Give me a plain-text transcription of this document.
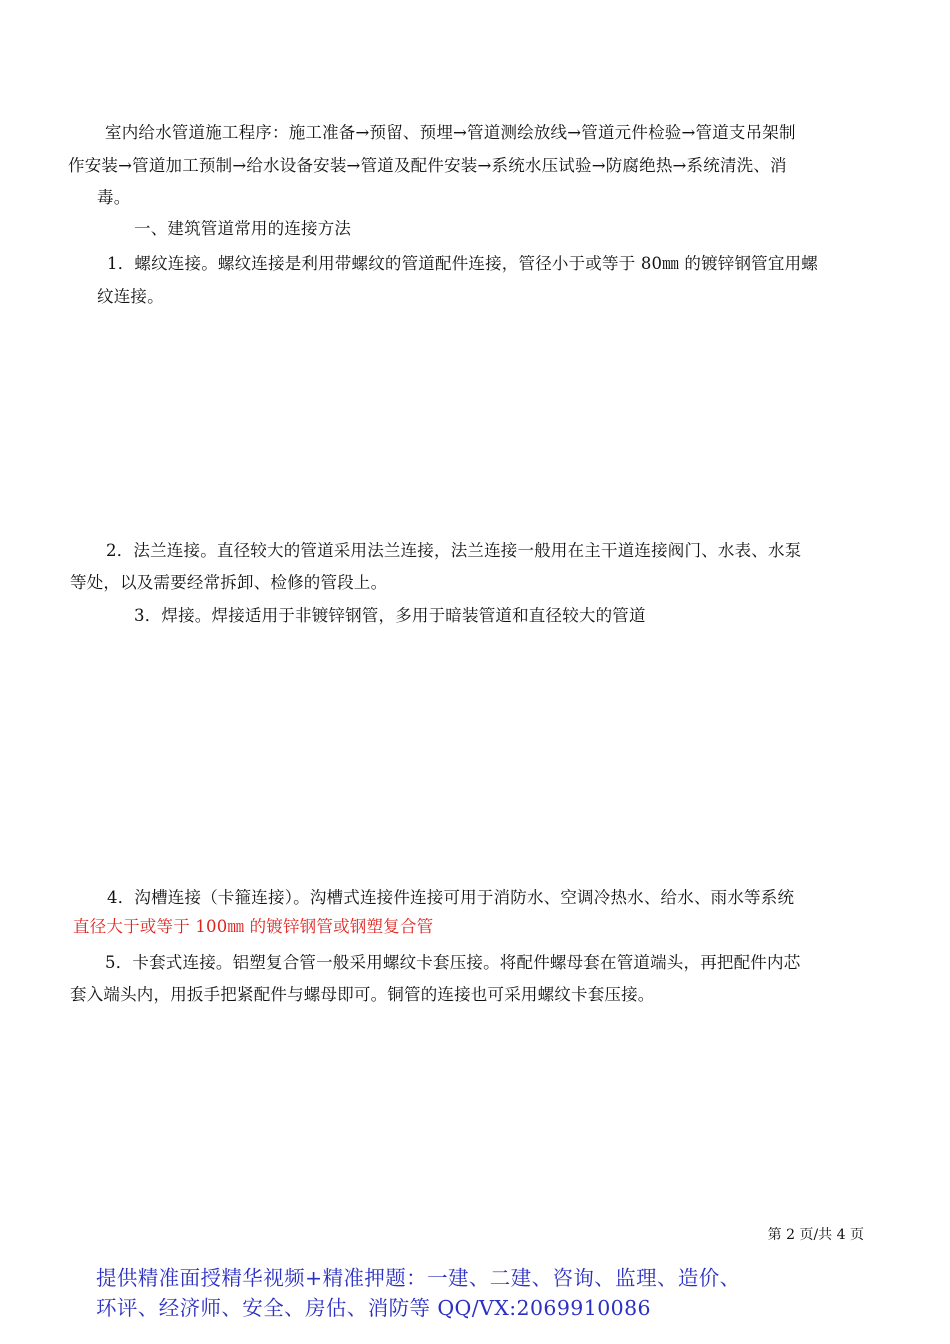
室内给水管道施工程序：施工准备→预留、预埋→管道测绘放线→管道元件检验→管道支吊架制
作安装→管道加工预制→给水设备安装→管道及配件安装→系统水压试验→防腐绝热→系统清洗、消
毒。
一、建筑管道常用的连接方法
1．螺纹连接。螺纹连接是利用带螺纹的管道配件连接，管径小于或等于 80㎜ 的镀锌钢管宜用螺
纹连接。
2．法兰连接。直径较大的管道采用法兰连接，法兰连接一般用在主干道连接阀门、水表、水泵
等处，以及需要经常拆卸、检修的管段上。
3．焊接。焊接适用于非镀锌钢管，多用于暗装管道和直径较大的管道
4．沟槽连接（卡箍连接）。沟槽式连接件连接可用于消防水、空调冷热水、给水、雨水等系统
直径大于或等于 100㎜ 的镀锌钢管或钢塑复合管
5．卡套式连接。铝塑复合管一般采用螺纹卡套压接。将配件螺母套在管道端头，再把配件内芯
套入端头内，用扳手把紧配件与螺母即可。铜管的连接也可采用螺纹卡套压接。
第 2 页/共 4 页
提供精准面授精华视频+精准押题：一建、二建、咨询、监理、造价、
环评、经济师、安全、房估、消防等 QQ/VX:2069910086
